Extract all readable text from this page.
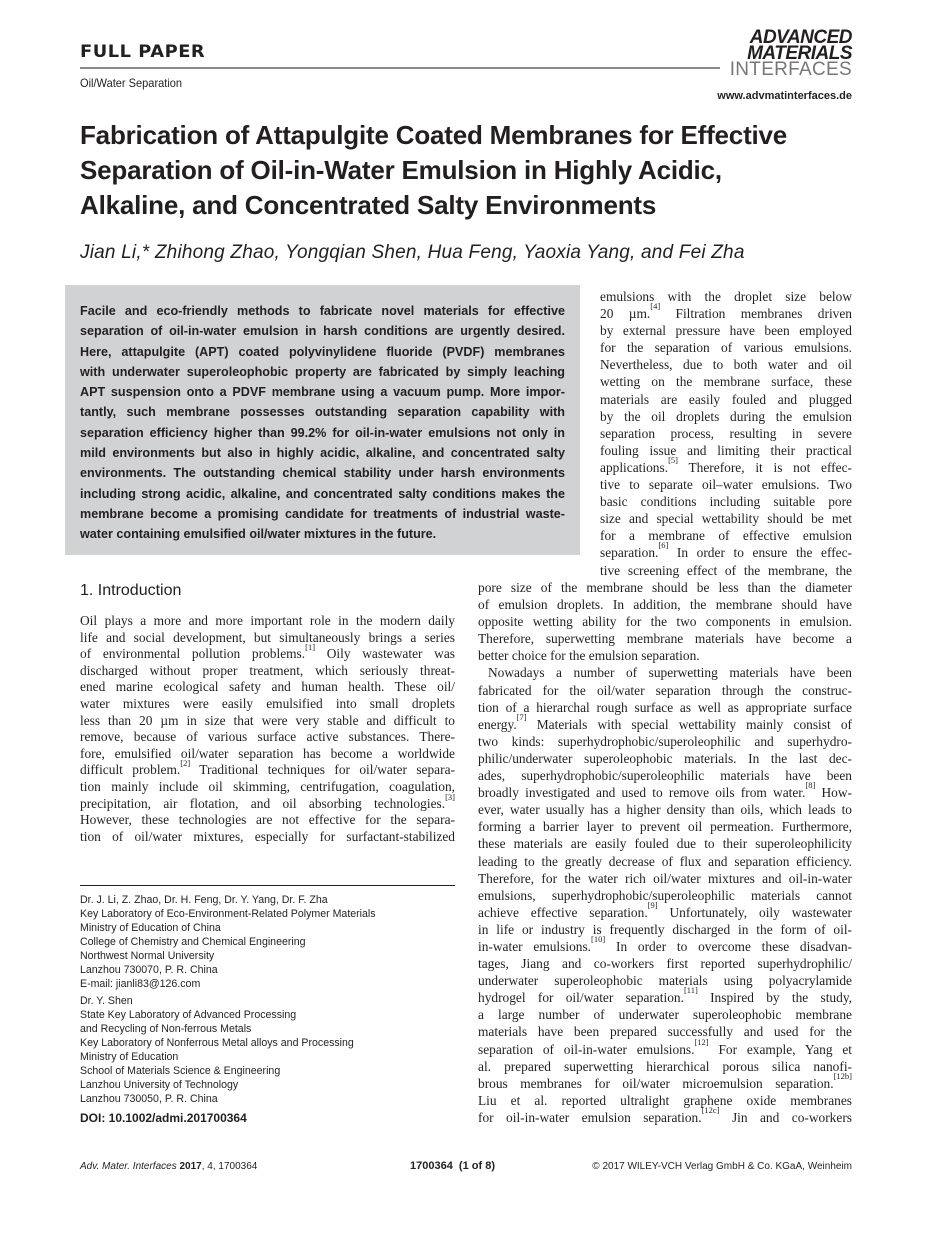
FULL PAPER
Oil/Water Separation
ADVANCED
MATERIALS
INTERFACES
www.advmatinterfaces.de
Fabrication of Attapulgite Coated Membranes for Effective
Separation of Oil-in-Water Emulsion in Highly Acidic,
Alkaline, and Concentrated Salty Environments
Jian Li,* Zhihong Zhao, Yongqian Shen, Hua Feng, Yaoxia Yang, and Fei Zha
Facile and eco-friendly methods to fabricate novel materials for effective
separation of oil-in-water emulsion in harsh conditions are urgently desired.
Here, attapulgite (APT) coated polyvinylidene fluoride (PVDF) membranes
with underwater superoleophobic property are fabricated by simply leaching
APT suspension onto a PDVF membrane using a vacuum pump. More impor-
tantly, such membrane possesses outstanding separation capability with
separation efficiency higher than 99.2% for oil-in-water emulsions not only in
mild environments but also in highly acidic, alkaline, and concentrated salty
environments. The outstanding chemical stability under harsh environments
including strong acidic, alkaline, and concentrated salty conditions makes the
membrane become a promising candidate for treatments of industrial waste-
water containing emulsified oil/water mixtures in the future.
emulsions with the droplet size below
20 µm.[4] Filtration membranes driven
by external pressure have been employed
for the separation of various emulsions.
Nevertheless, due to both water and oil
wetting on the membrane surface, these
materials are easily fouled and plugged
by the oil droplets during the emulsion
separation process, resulting in severe
fouling issue and limiting their practical
applications.[5] Therefore, it is not effec-
tive to separate oil–water emulsions. Two
basic conditions including suitable pore
size and special wettability should be met
for a membrane of effective emulsion
separation.[6] In order to ensure the effec-
tive screening effect of the membrane, the
pore size of the membrane should be less than the diameter
of emulsion droplets. In addition, the membrane should have
opposite wetting ability for the two components in emulsion.
Therefore, superwetting membrane materials have become a
better choice for the emulsion separation.
Nowadays a number of superwetting materials have been
fabricated for the oil/water separation through the construc-
tion of a hierarchal rough surface as well as appropriate surface
energy.[7] Materials with special wettability mainly consist of
two kinds: superhydrophobic/superoleophilic and superhydro-
philic/underwater superoleophobic materials. In the last dec-
ades, superhydrophobic/superoleophilic materials have been
broadly investigated and used to remove oils from water.[8] How-
ever, water usually has a higher density than oils, which leads to
forming a barrier layer to prevent oil permeation. Furthermore,
these materials are easily fouled due to their superoleophilicity
leading to the greatly decrease of flux and separation efficiency.
Therefore, for the water rich oil/water mixtures and oil-in-water
emulsions, superhydrophobic/superoleophilic materials cannot
achieve effective separation.[9] Unfortunately, oily wastewater
in life or industry is frequently discharged in the form of oil-
in-water emulsions.[10] In order to overcome these disadvan-
tages, Jiang and co-workers first reported superhydrophilic/
underwater superoleophobic materials using polyacrylamide
hydrogel for oil/water separation.[11] Inspired by the study,
a large number of underwater superoleophobic membrane
materials have been prepared successfully and used for the
separation of oil-in-water emulsions.[12] For example, Yang et
al. prepared superwetting hierarchical porous silica nanofi-
brous membranes for oil/water microemulsion separation.[12b]
Liu et al. reported ultralight graphene oxide membranes
for oil-in-water emulsion separation.[12c] Jin and co-workers
1. Introduction
Oil plays a more and more important role in the modern daily
life and social development, but simultaneously brings a series
of environmental pollution problems.[1] Oily wastewater was
discharged without proper treatment, which seriously threat-
ened marine ecological safety and human health. These oil/
water mixtures were easily emulsified into small droplets
less than 20 µm in size that were very stable and difficult to
remove, because of various surface active substances. There-
fore, emulsified oil/water separation has become a worldwide
difficult problem.[2] Traditional techniques for oil/water separa-
tion mainly include oil skimming, centrifugation, coagulation,
precipitation, air flotation, and oil absorbing technologies.[3]
However, these technologies are not effective for the separa-
tion of oil/water mixtures, especially for surfactant-stabilized
Dr. J. Li, Z. Zhao, Dr. H. Feng, Dr. Y. Yang, Dr. F. Zha
Key Laboratory of Eco-Environment-Related Polymer Materials
Ministry of Education of China
College of Chemistry and Chemical Engineering
Northwest Normal University
Lanzhou 730070, P. R. China
E-mail: jianli83@126.com
Dr. Y. Shen
State Key Laboratory of Advanced Processing
and Recycling of Non-ferrous Metals
Key Laboratory of Nonferrous Metal alloys and Processing
Ministry of Education
School of Materials Science & Engineering
Lanzhou University of Technology
Lanzhou 730050, P. R. China
DOI: 10.1002/admi.201700364
Adv. Mater. Interfaces 2017, 4, 1700364	1700364  (1 of 8)	© 2017 WILEY-VCH Verlag GmbH & Co. KGaA, Weinheim
